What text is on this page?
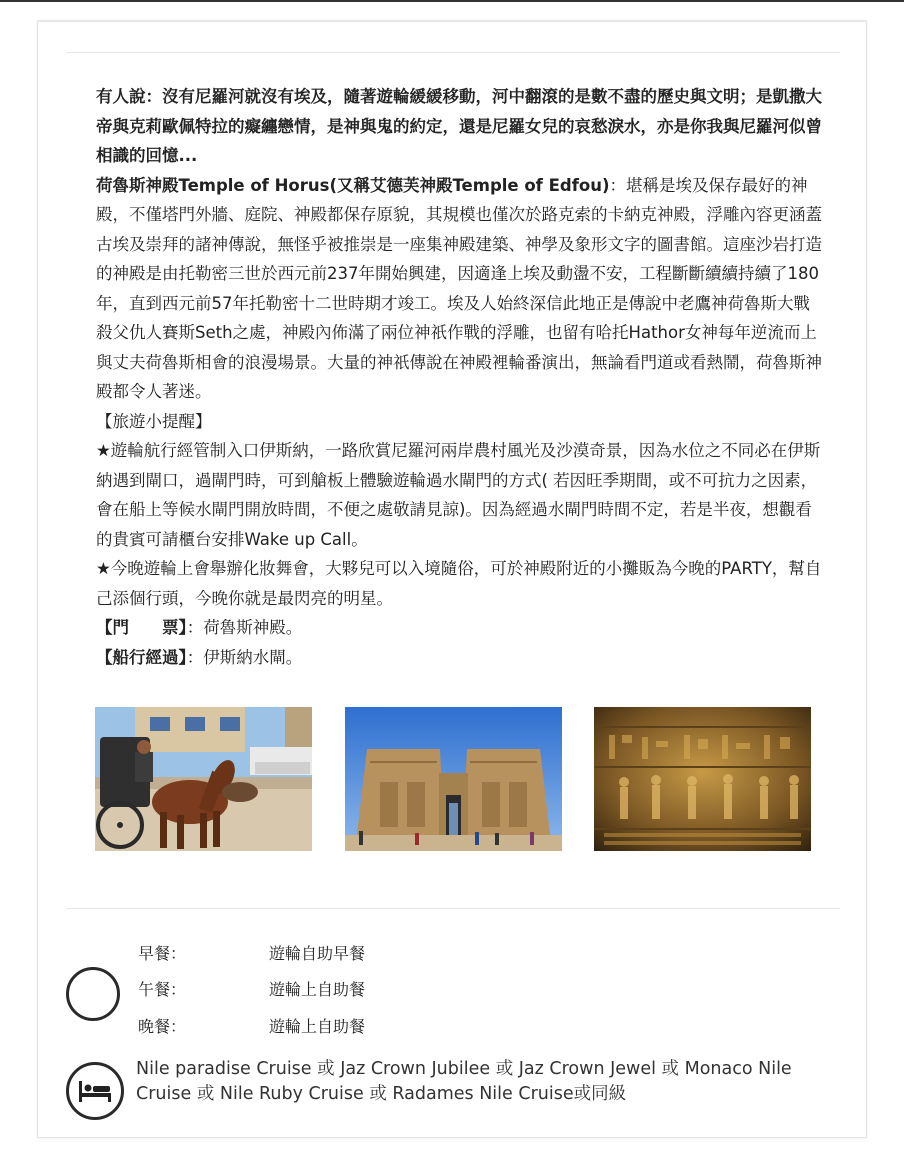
有人說：沒有尼羅河就沒有埃及，隨著遊輪緩緩移動，河中翻滾的是數不盡的歷史與文明；是凱撒大帝與克莉歐佩特拉的癡纏戀情，是神與鬼的約定，還是尼羅女兒的哀愁淚水，亦是你我與尼羅河似曾相識的回憶...

荷魯斯神殿Temple of Horus(又稱艾德芙神殿Temple of Edfou)：堪稱是埃及保存最好的神殿，不僅塔門外牆、庭院、神殿都保存原貌，其規模也僅次於路克索的卡納克神殿，浮雕內容更涵蓋古埃及崇拜的諸神傳說，無怪乎被推崇是一座集神殿建築、神學及象形文字的圖書館。這座沙岩打造的神殿是由托勒密三世於西元前237年開始興建，因適逢上埃及動盪不安，工程斷斷續續持續了180年，直到西元前57年托勒密十二世時期才竣工。埃及人始終深信此地正是傳說中老鷹神荷魯斯大戰殺父仇人賽斯Seth之處，神殿內佈滿了兩位神祇作戰的浮雕，也留有哈托Hathor女神每年逆流而上與丈夫荷魯斯相會的浪漫場景。大量的神祇傳說在神殿裡輪番演出，無論看門道或看熱鬧，荷魯斯神殿都令人著迷。

【旅遊小提醒】

★遊輪航行經管制入口伊斯納，一路欣賞尼羅河兩岸農村風光及沙漠奇景，因為水位之不同必在伊斯納遇到閘口，過閘門時，可到艙板上體驗遊輪過水閘門的方式( 若因旺季期間，或不可抗力之因素，會在船上等候水閘門開放時間，不便之處敬請見諒)。因為經過水閘門時間不定，若是半夜，想觀看的貴賓可請櫃台安排Wake up Call。

★今晚遊輪上會舉辦化妝舞會，大夥兒可以入境隨俗，可於神殿附近的小攤販為今晚的PARTY，幫自己添個行頭，今晚你就是最閃亮的明星。

【門　　票】：荷魯斯神殿。

【船行經過】：伊斯納水閘。

早餐：	遊輪自助早餐
午餐：	遊輪上自助餐
晚餐：	遊輪上自助餐
Nile paradise Cruise 或 Jaz Crown Jubilee 或 Jaz Crown Jewel 或 Monaco Nile Cruise 或 Nile Ruby Cruise 或 Radames Nile Cruise或同級
